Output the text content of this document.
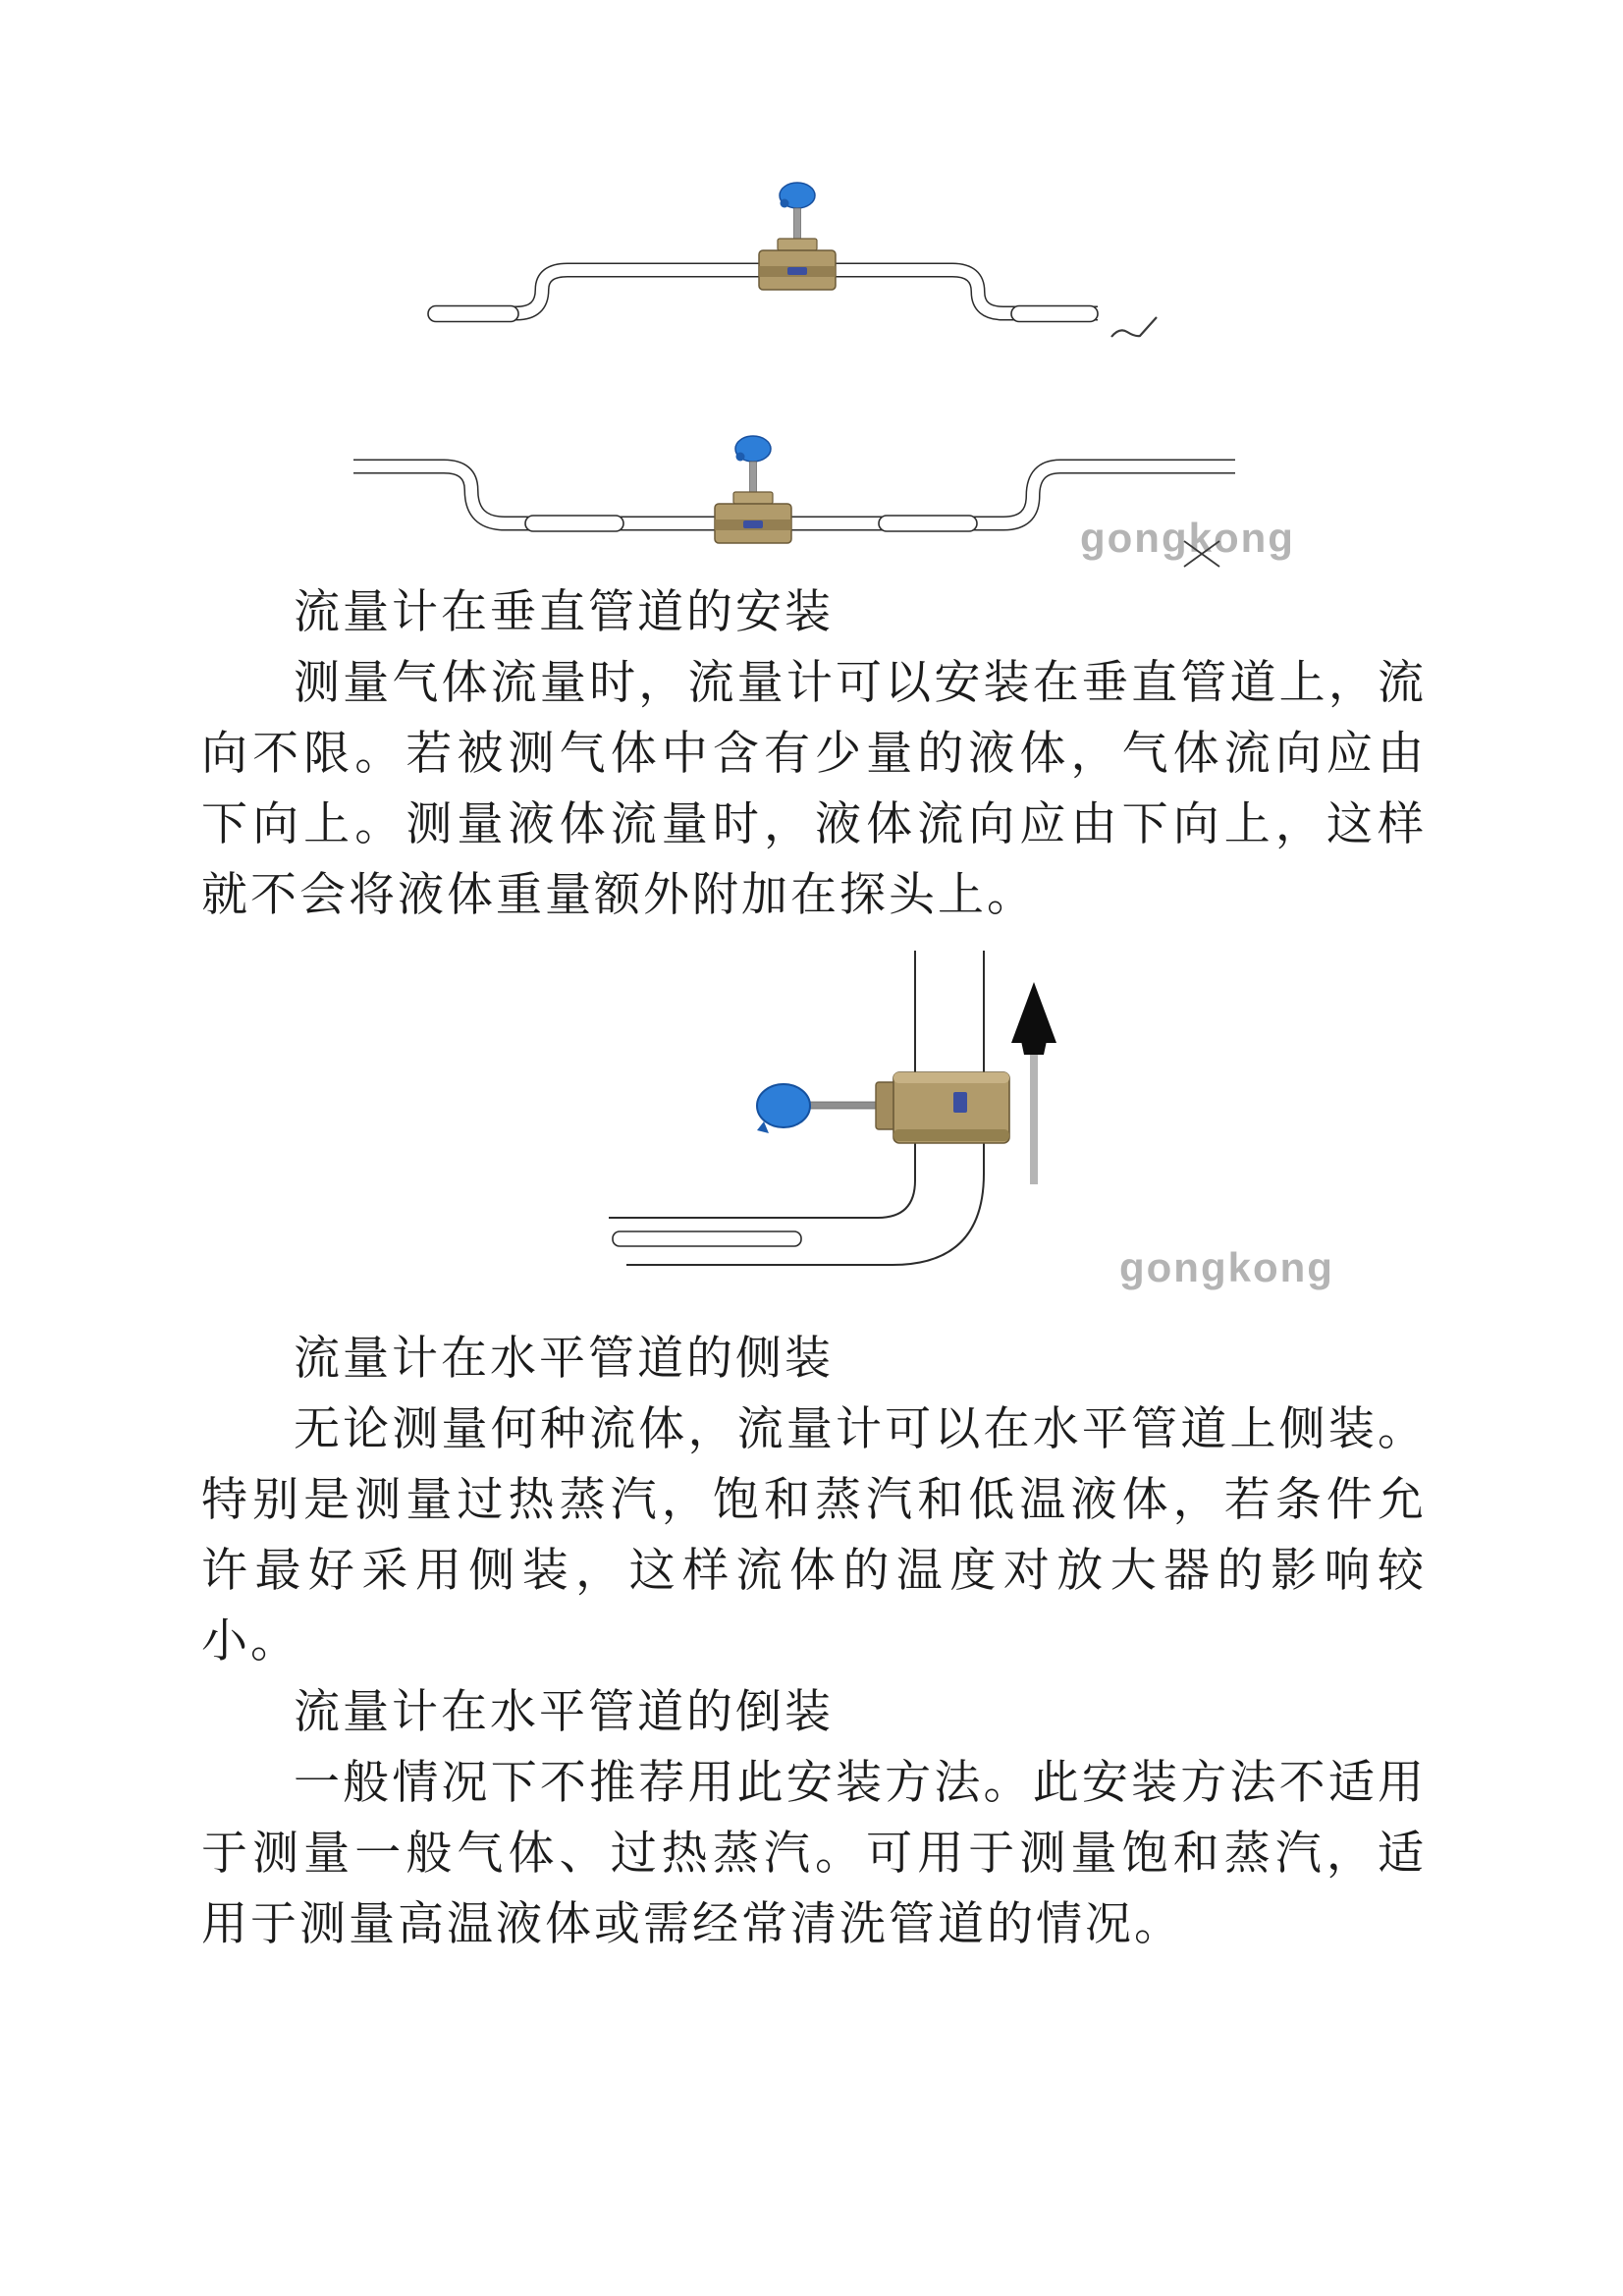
gongkong

流量计在垂直管道的安装

测量气体流量时，流量计可以安装在垂直管道上，流向不限。若被测气体中含有少量的液体，气体流向应由下向上。测量液体流量时，液体流向应由下向上，这样就不会将液体重量额外附加在探头上。

gongkong

流量计在水平管道的侧装

无论测量何种流体，流量计可以在水平管道上侧装。特别是测量过热蒸汽，饱和蒸汽和低温液体，若条件允许最好采用侧装，这样流体的温度对放大器的影响较小。

流量计在水平管道的倒装

一般情况下不推荐用此安装方法。此安装方法不适用于测量一般气体、过热蒸汽。可用于测量饱和蒸汽，适用于测量高温液体或需经常清洗管道的情况。
